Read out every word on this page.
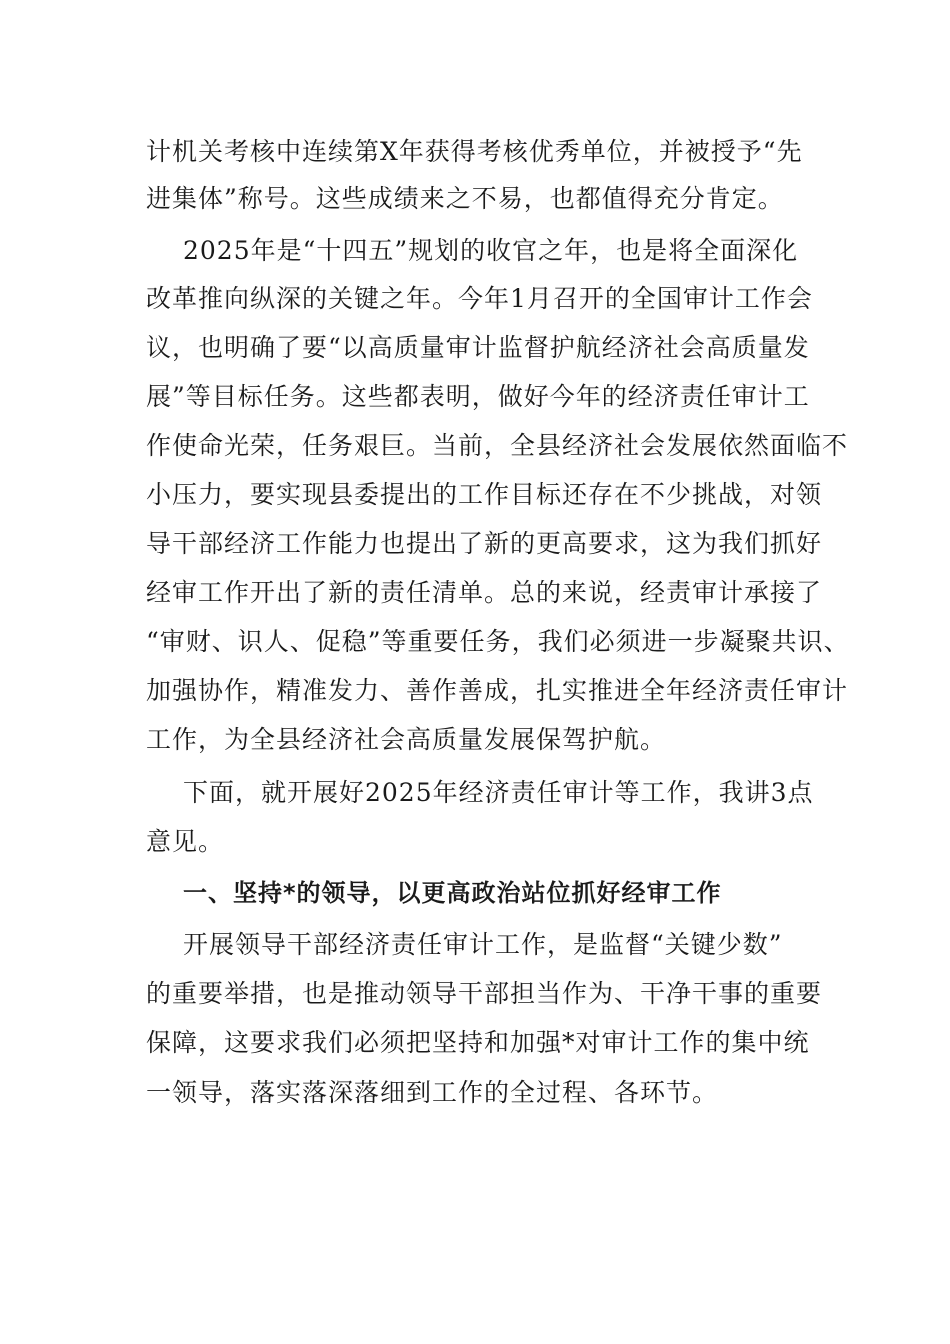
计机关考核中连续第X年获得考核优秀单位，并被授予“先
进集体”称号。这些成绩来之不易，也都值得充分肯定。
2025年是“十四五”规划的收官之年，也是将全面深化
改革推向纵深的关键之年。今年1月召开的全国审计工作会
议，也明确了要“以高质量审计监督护航经济社会高质量发
展”等目标任务。这些都表明，做好今年的经济责任审计工
作使命光荣，任务艰巨。当前，全县经济社会发展依然面临不
小压力，要实现县委提出的工作目标还存在不少挑战，对领
导干部经济工作能力也提出了新的更高要求，这为我们抓好
经审工作开出了新的责任清单。总的来说，经责审计承接了
“审财、识人、促稳”等重要任务，我们必须进一步凝聚共识、
加强协作，精准发力、善作善成，扎实推进全年经济责任审计
工作，为全县经济社会高质量发展保驾护航。
下面，就开展好2025年经济责任审计等工作，我讲3点
意见。
一、坚持*的领导，以更高政治站位抓好经审工作
开展领导干部经济责任审计工作，是监督“关键少数”
的重要举措，也是推动领导干部担当作为、干净干事的重要
保障，这要求我们必须把坚持和加强*对审计工作的集中统
一领导，落实落深落细到工作的全过程、各环节。
